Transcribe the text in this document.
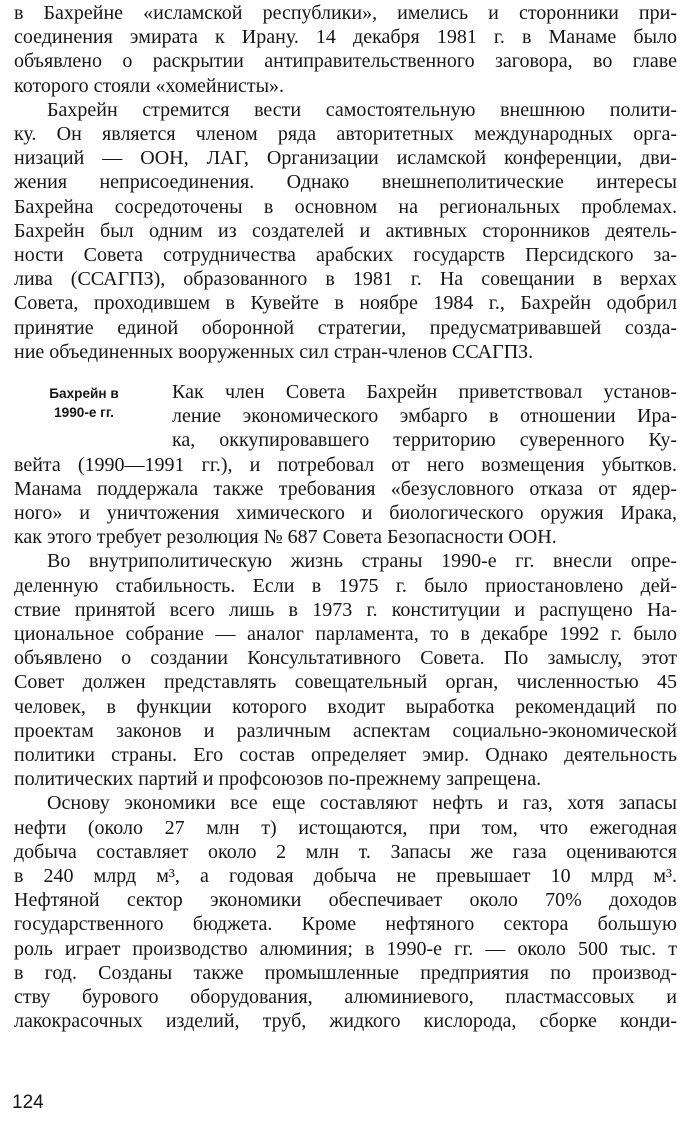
в Бахрейне «исламской республики», имелись и сторонники при-
соединения эмирата к Ирану. 14 декабря 1981 г. в Манаме было
объявлено о раскрытии антиправительственного заговора, во главе
которого стояли «хомейнисты».
Бахрейн стремится вести самостоятельную внешнюю полити-
ку. Он является членом ряда авторитетных международных орга-
низаций — ООН, ЛАГ, Организации исламской конференции, дви-
жения неприсоединения. Однако внешнеполитические интересы
Бахрейна сосредоточены в основном на региональных проблемах.
Бахрейн был одним из создателей и активных сторонников деятель-
ности Совета сотрудничества арабских государств Персидского за-
лива (ССАГПЗ), образованного в 1981 г. На совещании в верхах
Совета, проходившем в Кувейте в ноябре 1984 г., Бахрейн одобрил
принятие единой оборонной стратегии, предусматривавшей созда-
ние объединенных вооруженных сил стран-членов ССАГПЗ.
Бахрейн в
1990-е гг.
Как член Совета Бахрейн приветствовал установ-
ление экономического эмбарго в отношении Ира-
ка, оккупировавшего территорию суверенного Ку-
вейта (1990—1991 гг.), и потребовал от него возмещения убытков.
Манама поддержала также требования «безусловного отказа от ядер-
ного» и уничтожения химического и биологического оружия Ирака,
как этого требует резолюция № 687 Совета Безопасности ООН.
Во внутриполитическую жизнь страны 1990-е гг. внесли опре-
деленную стабильность. Если в 1975 г. было приостановлено дей-
ствие принятой всего лишь в 1973 г. конституции и распущено На-
циональное собрание — аналог парламента, то в декабре 1992 г. было
объявлено о создании Консультативного Совета. По замыслу, этот
Совет должен представлять совещательный орган, численностью 45
человек, в функции которого входит выработка рекомендаций по
проектам законов и различным аспектам социально-экономической
политики страны. Его состав определяет эмир. Однако деятельность
политических партий и профсоюзов по-прежнему запрещена.
Основу экономики все еще составляют нефть и газ, хотя запасы
нефти (около 27 млн т) истощаются, при том, что ежегодная
добыча составляет около 2 млн т. Запасы же газа оцениваются
в 240 млрд м³, а годовая добыча не превышает 10 млрд м³.
Нефтяной сектор экономики обеспечивает около 70% доходов
государственного бюджета. Кроме нефтяного сектора большую
роль играет производство алюминия; в 1990-е гг. — около 500 тыс. т
в год. Созданы также промышленные предприятия по производ-
ству бурового оборудования, алюминиевого, пластмассовых и
лакокрасочных изделий, труб, жидкого кислорода, сборке конди-
124
